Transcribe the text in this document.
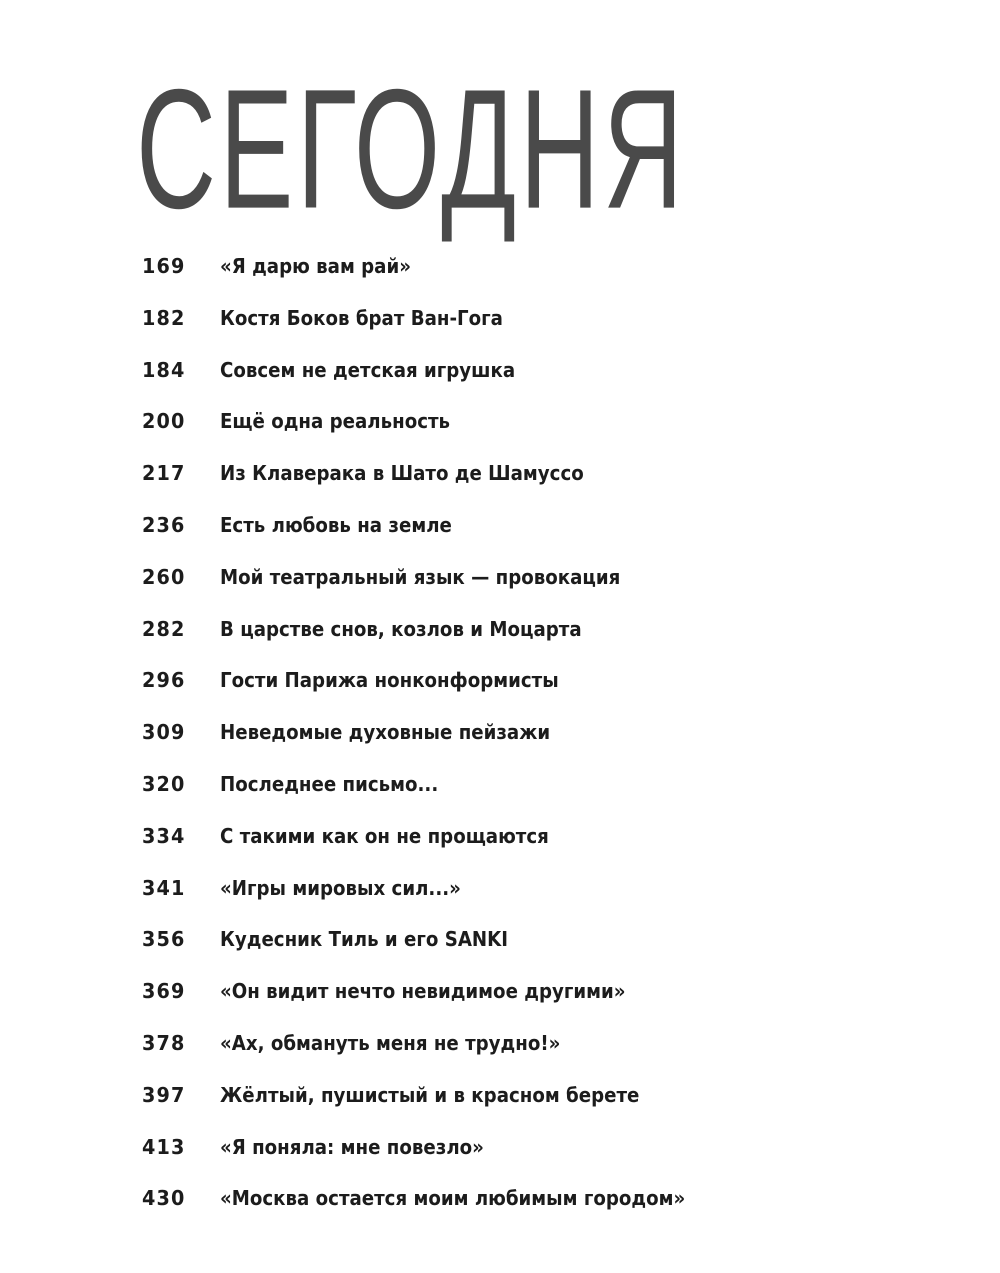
СЕГОДНЯ
169	«Я дарю вам рай»
182	Костя Боков брат Ван-Гога
184	Совсем не детская игрушка
200	Ещё одна реальность
217	Из Клаверака в Шато де Шамуссо
236	Есть любовь на земле
260	Мой театральный язык — провокация
282	В царстве снов, козлов и Моцарта
296	Гости Парижа нонконформисты
309	Неведомые духовные пейзажи
320	Последнее письмо...
334	С такими как он не прощаются
341	«Игры мировых сил...»
356	Кудесник Тиль и его SANKI
369	«Он видит нечто невидимое другими»
378	«Ах, обмануть меня не трудно!»
397	Жёлтый, пушистый и в красном берете
413	«Я поняла: мне повезло»
430	«Москва остается моим любимым городом»
